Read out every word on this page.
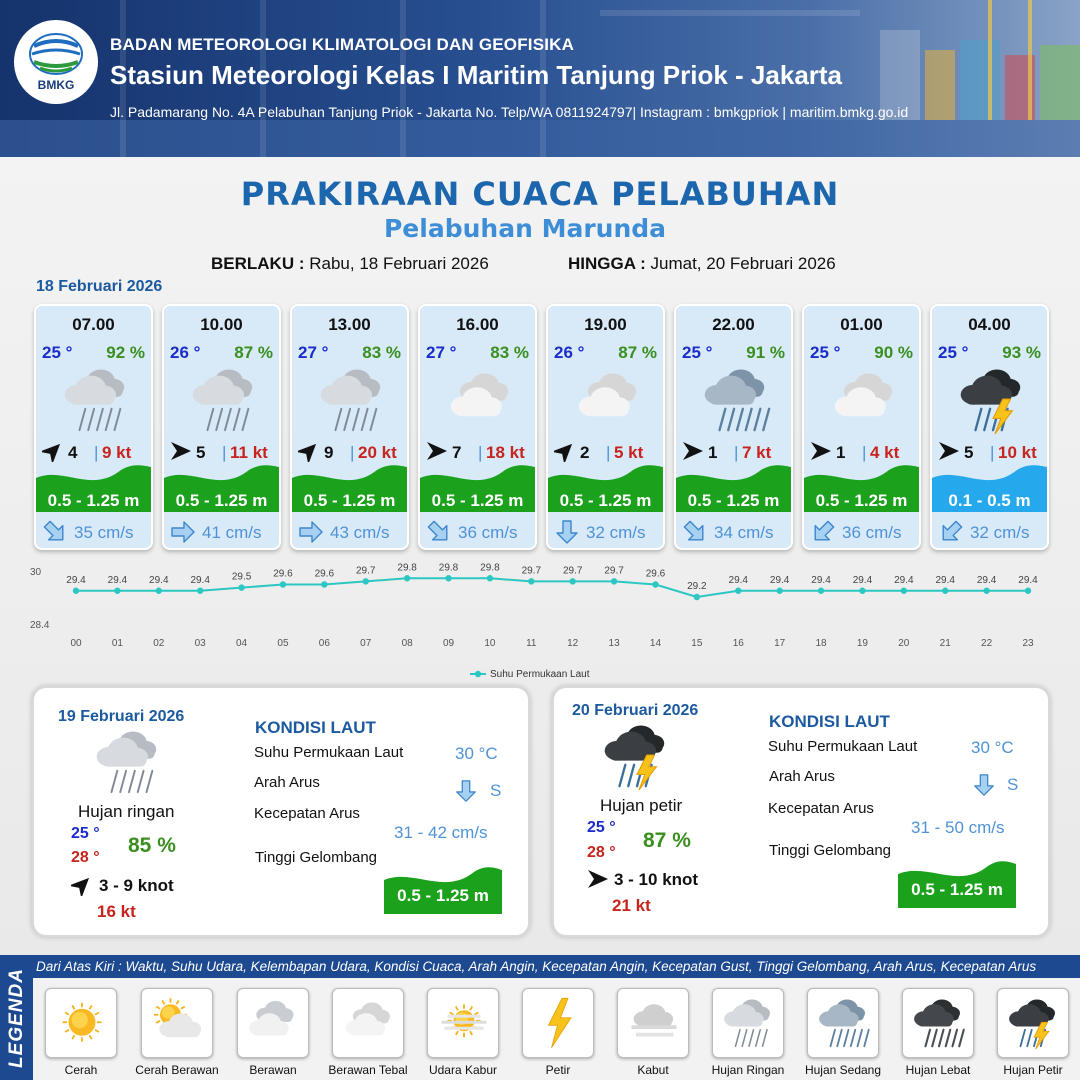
BMKG
BADAN METEOROLOGI KLIMATOLOGI DAN GEOFISIKA
Stasiun Meteorologi Kelas I Maritim Tanjung Priok - Jakarta
Jl. Padamarang No. 4A Pelabuhan Tanjung Priok - Jakarta No. Telp/WA 0811924797| Instagram : bmkgpriok | maritim.bmkg.go.id
PRAKIRAAN CUACA PELABUHAN
Pelabuhan Marunda
BERLAKU : Rabu, 18 Februari 2026	HINGGA : Jumat, 20 Februari 2026
18 Februari 2026
07.00
25 ° 92 %
4 | 9 kt
0.5 - 1.25 m
35 cm/s
10.00
26 ° 87 %
5 | 11 kt
0.5 - 1.25 m
41 cm/s
13.00
27 ° 83 %
9 | 20 kt
0.5 - 1.25 m
43 cm/s
16.00
27 ° 83 %
7 | 18 kt
0.5 - 1.25 m
36 cm/s
19.00
26 ° 87 %
2 | 5 kt
0.5 - 1.25 m
32 cm/s
22.00
25 ° 91 %
1 | 7 kt
0.5 - 1.25 m
34 cm/s
01.00
25 ° 90 %
1 | 4 kt
0.5 - 1.25 m
36 cm/s
04.00
25 ° 93 %
5 | 10 kt
0.1 - 0.5 m
32 cm/s
30
28.4
29.4 29.4 29.4 29.4 29.5 29.6 29.6 29.7 29.8 29.8 29.8 29.7 29.7 29.7 29.6
29.2
29.4 29.4 29.4 29.4 29.4 29.4 29.4 29.4
00	01	02	03	04	05	06	07	08	09	10	11	12	13	14	15	16	17	18	19	20	21	22	23
Suhu Permukaan Laut
19 Februari 2026
Hujan ringan
25 °
28 °
85 %
3 - 9 knot
16 kt
KONDISI LAUT
Suhu Permukaan Laut	30 °C
Arah Arus	S
Kecepatan Arus
31 - 42 cm/s
Tinggi Gelombang
0.5 - 1.25 m
20 Februari 2026
Hujan petir
25 °
28 °
87 %
3 - 10 knot
21 kt
KONDISI LAUT
Suhu Permukaan Laut	30 °C
Arah Arus	S
Kecepatan Arus
31 - 50 cm/s
Tinggi Gelombang
0.5 - 1.25 m
LEGENDA
Dari Atas Kiri : Waktu, Suhu Udara, Kelembapan Udara, Kondisi Cuaca, Arah Angin, Kecepatan Angin, Kecepatan Gust, Tinggi Gelombang, Arah Arus, Kecepatan Arus
Cerah	Cerah Berawan	Berawan	Berawan Tebal	Udara Kabur	Petir	Kabut	Hujan Ringan	Hujan Sedang	Hujan Lebat	Hujan Petir
